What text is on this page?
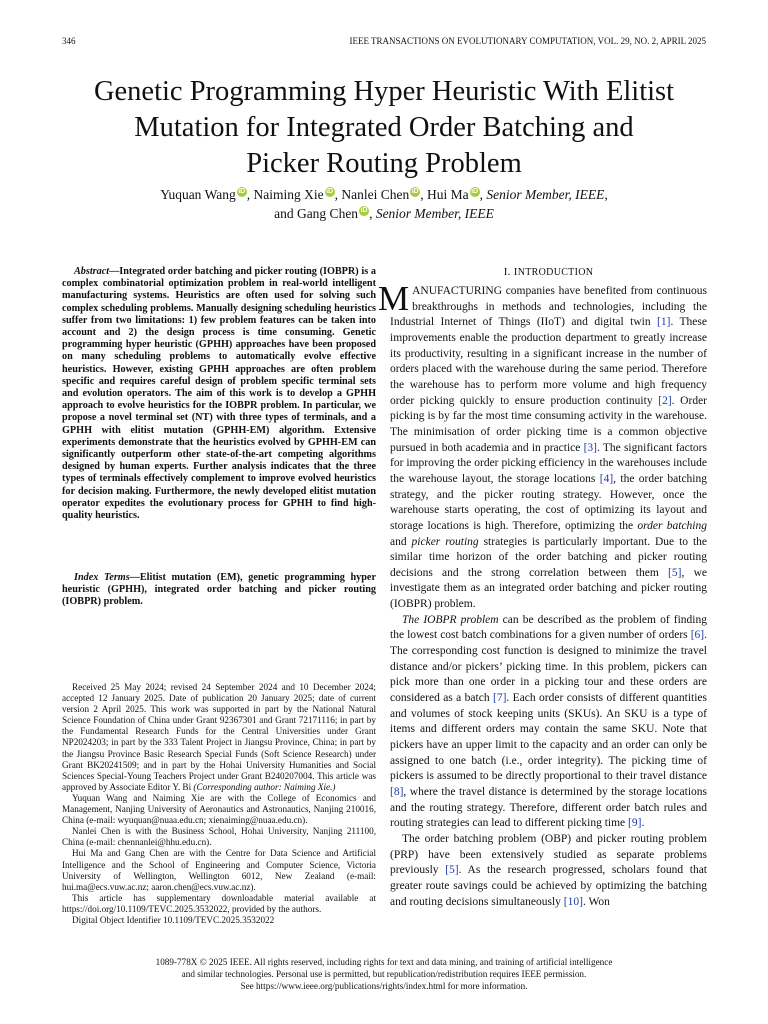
346	IEEE TRANSACTIONS ON EVOLUTIONARY COMPUTATION, VOL. 29, NO. 2, APRIL 2025
Genetic Programming Hyper Heuristic With Elitist
Mutation for Integrated Order Batching and
Picker Routing Problem
Yuquan Wang iD , Naiming Xie iD , Nanlei Chen iD , Hui Ma iD , Senior Member, IEEE,
and Gang Chen iD , Senior Member, IEEE
Abstract—Integrated order batching and picker routing (IOBPR) is a complex combinatorial optimization problem in real-world intelligent manufacturing systems. Heuristics are often used for solving such complex scheduling problems. Manually designing scheduling heuristics suffer from two limitations: 1) few problem features can be taken into account and 2) the design process is time consuming. Genetic programming hyper heuristic (GPHH) approaches have been proposed on many scheduling problems to automatically evolve effective heuristics. However, existing GPHH approaches are often problem specific and requires careful design of problem specific terminal sets and evolution operators. The aim of this work is to develop a GPHH approach to evolve heuristics for the IOBPR problem. In particular, we propose a novel terminal set (NT) with three types of terminals, and a GPHH with elitist mutation (GPHH-EM) algorithm. Extensive experiments demonstrate that the heuristics evolved by GPHH-EM can significantly outperform other state-of-the-art competing algorithms designed by human experts. Further analysis indicates that the three types of terminals effectively complement to improve evolved heuristics for decision making. Furthermore, the newly developed elitist mutation operator expedites the evolutionary process for GPHH to find high-quality heuristics.
Index Terms—Elitist mutation (EM), genetic programming hyper heuristic (GPHH), integrated order batching and picker routing (IOBPR) problem.

Received 25 May 2024; revised 24 September 2024 and 10 December 2024; accepted 12 January 2025. Date of publication 20 January 2025; date of current version 2 April 2025. This work was supported in part by the National Natural Science Foundation of China under Grant 92367301 and Grant 72171116; in part by the Fundamental Research Funds for the Central Universities under Grant NP2024203; in part by the 333 Talent Project in Jiangsu Province, China; in part by the Jiangsu Province Basic Research Special Funds (Soft Science Research) under Grant BK20241509; and in part by the Hohai University Humanities and Social Sciences Special-Young Teachers Project under Grant B240207004. This article was approved by Associate Editor Y. Bi (Corresponding author: Naiming Xie.)

Yuquan Wang and Naiming Xie are with the College of Economics and Management, Nanjing University of Aeronautics and Astronautics, Nanjing 210016, China (e-mail: wyuquan@nuaa.edu.cn; xienaiming@nuaa.edu.cn).

Nanlei Chen is with the Business School, Hohai University, Nanjing 211100, China (e-mail: chennanlei@hhu.edu.cn).

Hui Ma and Gang Chen are with the Centre for Data Science and Artificial Intelligence and the School of Engineering and Computer Science, Victoria University of Wellington, Wellington 6012, New Zealand (e-mail: hui.ma@ecs.vuw.ac.nz; aaron.chen@ecs.vuw.ac.nz).

This article has supplementary downloadable material available at https://doi.org/10.1109/TEVC.2025.3532022, provided by the authors.

Digital Object Identifier 10.1109/TEVC.2025.3532022

I. INTRODUCTION

MANUFACTURING companies have benefited from continuous breakthroughs in methods and technologies, including the Industrial Internet of Things (IIoT) and digital twin [1]. These improvements enable the production department to greatly increase its productivity, resulting in a significant increase in the number of orders placed with the warehouse during the same period. Therefore the warehouse has to perform more volume and high frequency order picking quickly to ensure production continuity [2]. Order picking is by far the most time consuming activity in the warehouse. The minimisation of order picking time is a common objective pursued in both academia and in practice [3]. The significant factors for improving the order picking efficiency in the warehouses include the warehouse layout, the storage locations [4], the order batching strategy, and the picker routing strategy. However, once the warehouse starts operating, the cost of optimizing its layout and storage locations is high. Therefore, optimizing the order batching and picker routing strategies is particularly important. Due to the similar time horizon of the order batching and picker routing decisions and the strong correlation between them [5], we investigate them as an integrated order batching and picker routing (IOBPR) problem.

The IOBPR problem can be described as the problem of finding the lowest cost batch combinations for a given number of orders [6]. The corresponding cost function is designed to minimize the travel distance and/or pickers’ picking time. In this problem, pickers can pick more than one order in a picking tour and these orders are considered as a batch [7]. Each order consists of different quantities and volumes of stock keeping units (SKUs). An SKU is a type of items and different orders may contain the same SKU. Note that pickers have an upper limit to the capacity and an order can only be assigned to one batch (i.e., order integrity). The picking time of pickers is assumed to be directly proportional to their travel distance [8], where the travel distance is determined by the storage locations and the routing strategy. Therefore, different order batch rules and routing strategies can lead to different picking time [9].

The order batching problem (OBP) and picker routing problem (PRP) have been extensively studied as separate problems previously [5]. As the research progressed, scholars found that greater route savings could be achieved by optimizing the batching and routing decisions simultaneously [10]. Won

1089-778X © 2025 IEEE. All rights reserved, including rights for text and data mining, and training of artificial intelligence
and similar technologies. Personal use is permitted, but republication/redistribution requires IEEE permission.
See https://www.ieee.org/publications/rights/index.html for more information.
